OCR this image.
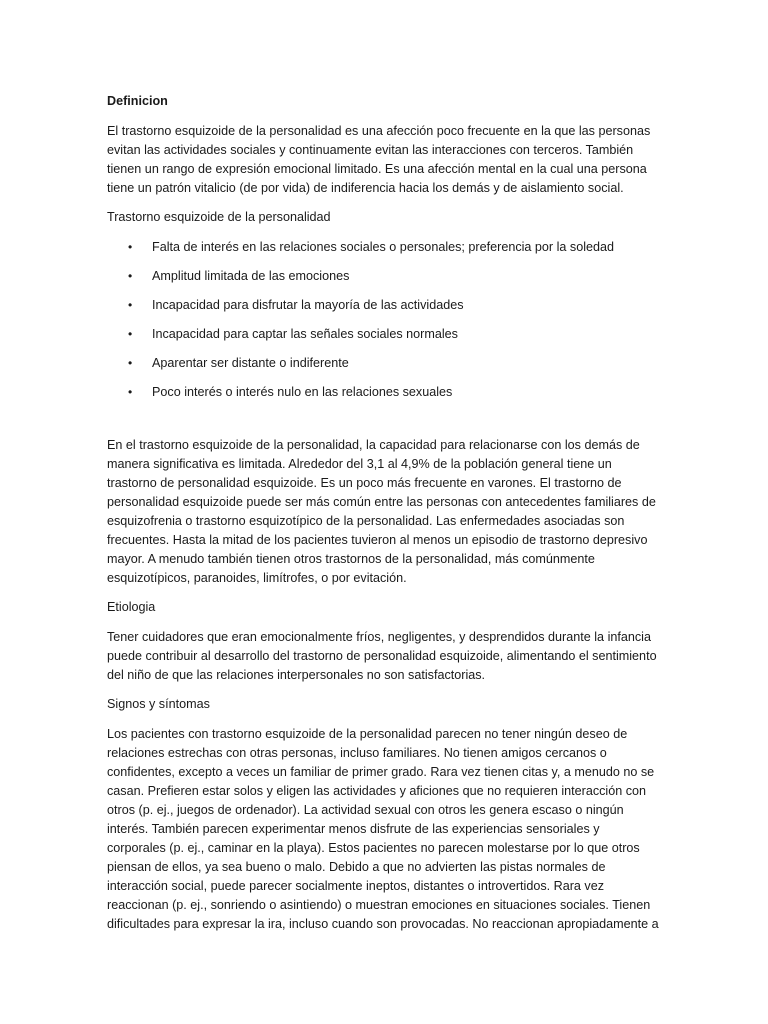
Definicion

El trastorno esquizoide de la personalidad es una afección poco frecuente en la que las personas evitan las actividades sociales y continuamente evitan las interacciones con terceros. También tienen un rango de expresión emocional limitado. Es una afección mental en la cual una persona tiene un patrón vitalicio (de por vida) de indiferencia hacia los demás y de aislamiento social.

Trastorno esquizoide de la personalidad
• Falta de interés en las relaciones sociales o personales; preferencia por la soledad
• Amplitud limitada de las emociones
• Incapacidad para disfrutar la mayoría de las actividades
• Incapacidad para captar las señales sociales normales
• Aparentar ser distante o indiferente
• Poco interés o interés nulo en las relaciones sexuales

En el trastorno esquizoide de la personalidad, la capacidad para relacionarse con los demás de manera significativa es limitada. Alrededor del 3,1 al 4,9% de la población general tiene un trastorno de personalidad esquizoide. Es un poco más frecuente en varones. El trastorno de personalidad esquizoide puede ser más común entre las personas con antecedentes familiares de esquizofrenia o trastorno esquizotípico de la personalidad. Las enfermedades asociadas son frecuentes. Hasta la mitad de los pacientes tuvieron al menos un episodio de trastorno depresivo mayor. A menudo también tienen otros trastornos de la personalidad, más comúnmente esquizotípicos, paranoides, limítrofes, o por evitación.

Etiologia

Tener cuidadores que eran emocionalmente fríos, negligentes, y desprendidos durante la infancia puede contribuir al desarrollo del trastorno de personalidad esquizoide, alimentando el sentimiento del niño de que las relaciones interpersonales no son satisfactorias.

Signos y síntomas

Los pacientes con trastorno esquizoide de la personalidad parecen no tener ningún deseo de relaciones estrechas con otras personas, incluso familiares. No tienen amigos cercanos o confidentes, excepto a veces un familiar de primer grado. Rara vez tienen citas y, a menudo no se casan. Prefieren estar solos y eligen las actividades y aficiones que no requieren interacción con otros (p. ej., juegos de ordenador). La actividad sexual con otros les genera escaso o ningún interés. También parecen experimentar menos disfrute de las experiencias sensoriales y corporales (p. ej., caminar en la playa). Estos pacientes no parecen molestarse por lo que otros piensan de ellos, ya sea bueno o malo. Debido a que no advierten las pistas normales de interacción social, puede parecer socialmente ineptos, distantes o introvertidos. Rara vez reaccionan (p. ej., sonriendo o asintiendo) o muestran emociones en situaciones sociales. Tienen dificultades para expresar la ira, incluso cuando son provocadas. No reaccionan apropiadamente a
